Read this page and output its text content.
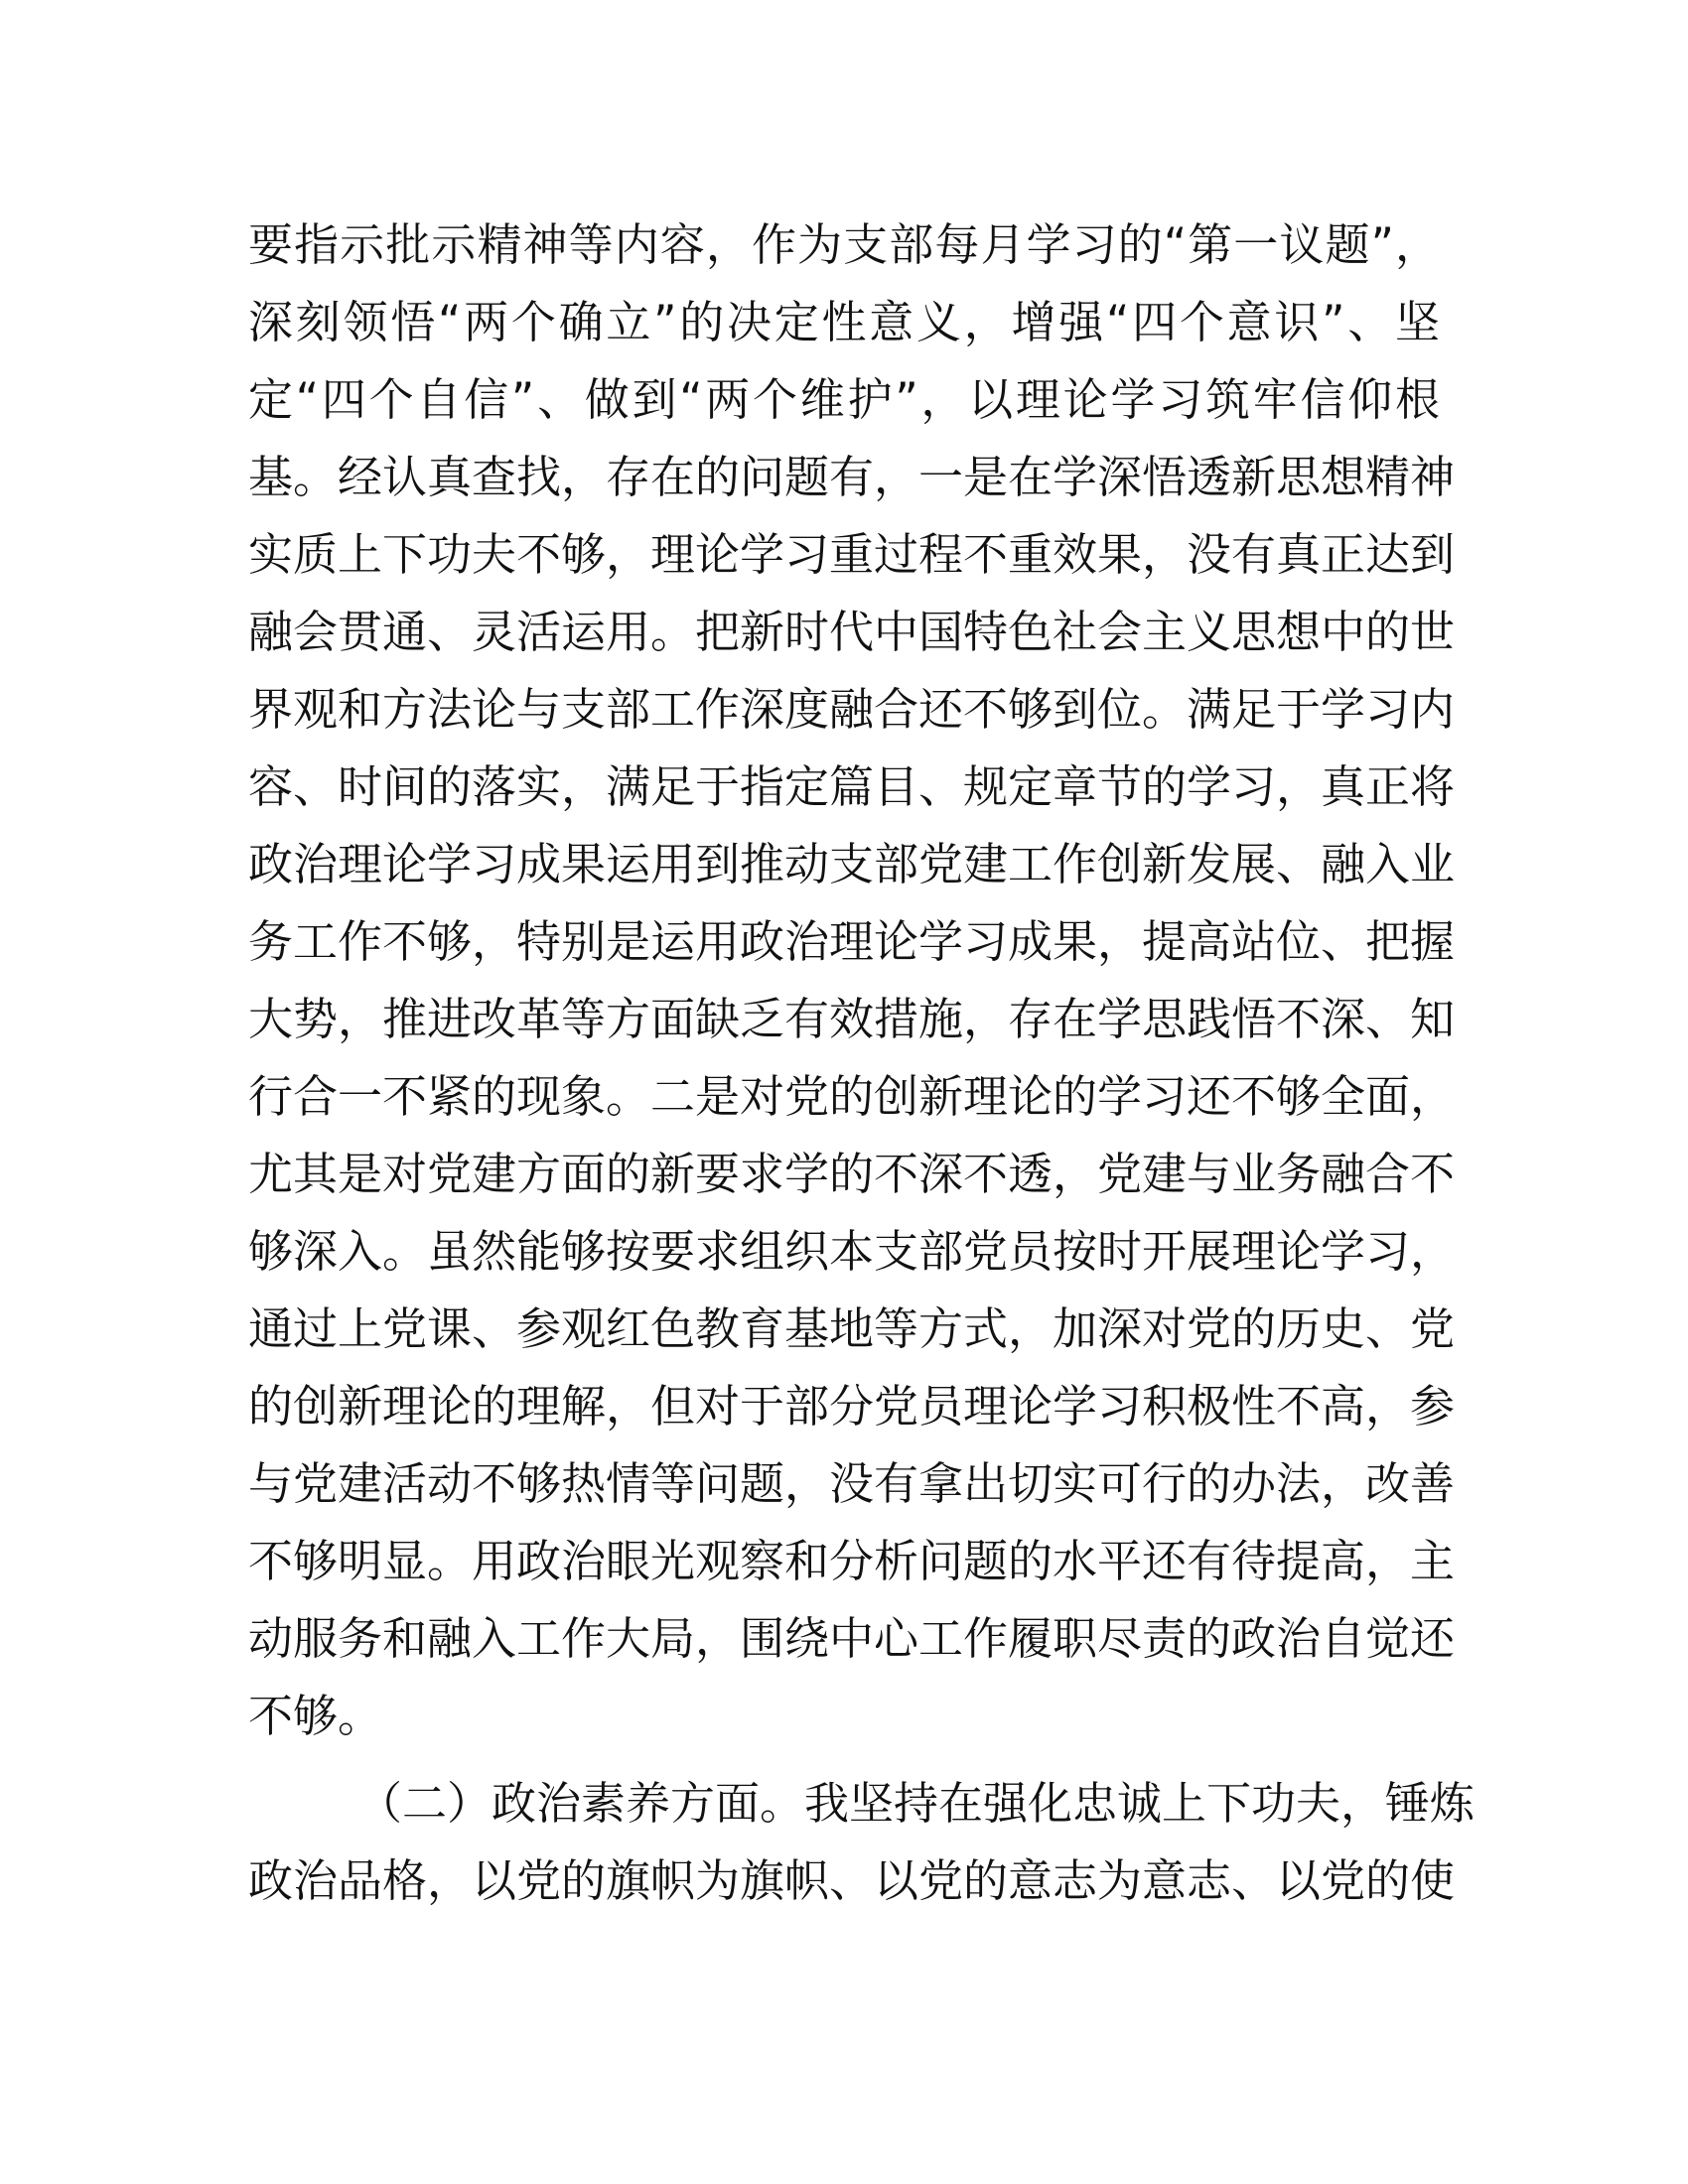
要指示批示精神等内容，作为支部每月学习的“第一议题”，
深刻领悟“两个确立”的决定性意义，增强“四个意识”、坚
定“四个自信”、做到“两个维护”，以理论学习筑牢信仰根
基。经认真查找，存在的问题有，一是在学深悟透新思想精神
实质上下功夫不够，理论学习重过程不重效果，没有真正达到
融会贯通、灵活运用。把新时代中国特色社会主义思想中的世
界观和方法论与支部工作深度融合还不够到位。满足于学习内
容、时间的落实，满足于指定篇目、规定章节的学习，真正将
政治理论学习成果运用到推动支部党建工作创新发展、融入业
务工作不够，特别是运用政治理论学习成果，提高站位、把握
大势，推进改革等方面缺乏有效措施，存在学思践悟不深、知
行合一不紧的现象。二是对党的创新理论的学习还不够全面，
尤其是对党建方面的新要求学的不深不透，党建与业务融合不
够深入。虽然能够按要求组织本支部党员按时开展理论学习，
通过上党课、参观红色教育基地等方式，加深对党的历史、党
的创新理论的理解，但对于部分党员理论学习积极性不高，参
与党建活动不够热情等问题，没有拿出切实可行的办法，改善
不够明显。用政治眼光观察和分析问题的水平还有待提高，主
动服务和融入工作大局，围绕中心工作履职尽责的政治自觉还
不够。
（二）政治素养方面。我坚持在强化忠诚上下功夫，锤炼
政治品格，以党的旗帜为旗帜、以党的意志为意志、以党的使
